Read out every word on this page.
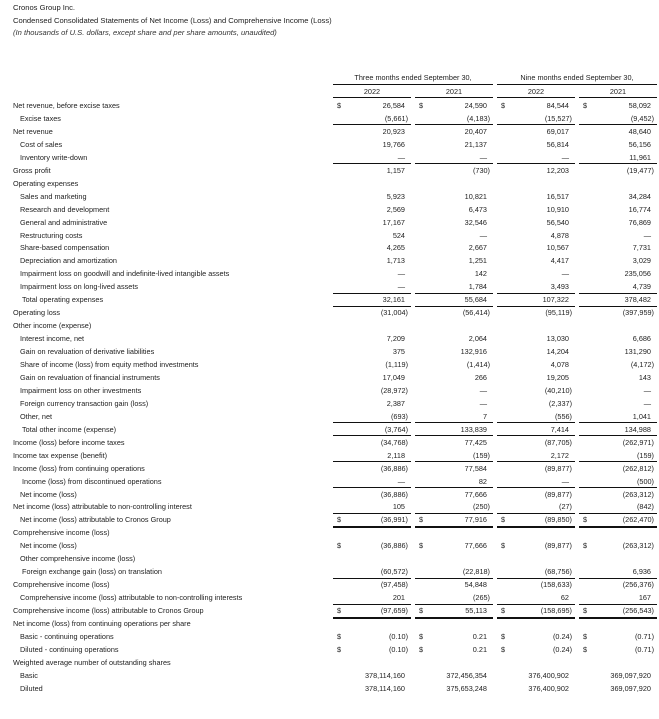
Cronos Group Inc.
Condensed Consolidated Statements of Net Income (Loss) and Comprehensive Income (Loss)
(In thousands of U.S. dollars, except share and per share amounts, unaudited)
Three months ended September 30,	Nine months ended September 30,
2022	2021	2022	2021
Net revenue, before excise taxes	$	26,584 $	24,590 $	84,544 $	58,092
Excise taxes	(5,661)	(4,183)	(15,527)	(9,452)
Net revenue	20,923	20,407	69,017	48,640
Cost of sales	19,766	21,137	56,814	56,156
Inventory write-down	—	—	—	11,961
Gross profit	1,157	(730)	12,203	(19,477)
Operating expenses
Sales and marketing	5,923	10,821	16,517	34,284
Research and development	2,569	6,473	10,910	16,774
General and administrative	17,167	32,546	56,540	76,869
Restructuring costs	524	—	4,878	—
Share-based compensation	4,265	2,667	10,567	7,731
Depreciation and amortization	1,713	1,251	4,417	3,029
Impairment loss on goodwill and indefinite-lived intangible assets	—	142	—	235,056
Impairment loss on long-lived assets	—	1,784	3,493	4,739
Total operating expenses	32,161	55,684	107,322	378,482
Operating loss	(31,004)	(56,414)	(95,119)	(397,959)
Other income (expense)
Interest income, net	7,209	2,064	13,030	6,686
Gain on revaluation of derivative liabilities	375	132,916	14,204	131,290
Share of income (loss) from equity method investments	(1,119)	(1,414)	4,078	(4,172)
Gain on revaluation of financial instruments	17,049	266	19,205	143
Impairment loss on other investments	(28,972)	—	(40,210)	—
Foreign currency transaction gain (loss)	2,387	—	(2,337)	—
Other, net	(693)	7	(556)	1,041
Total other income (expense)	(3,764)	133,839	7,414	134,988
Income (loss) before income taxes	(34,768)	77,425	(87,705)	(262,971)
Income tax expense (benefit)	2,118	(159)	2,172	(159)
Income (loss) from continuing operations	(36,886)	77,584	(89,877)	(262,812)
Income (loss) from discontinued operations	—	82	—	(500)
Net income (loss)	(36,886)	77,666	(89,877)	(263,312)
Net income (loss) attributable to non-controlling interest	105	(250)	(27)	(842)
Net income (loss) attributable to Cronos Group	$	(36,991) $	77,916 $	(89,850) $	(262,470)
Comprehensive income (loss)
Net income (loss)	$	(36,886) $	77,666 $	(89,877) $	(263,312)
Other comprehensive income (loss)
Foreign exchange gain (loss) on translation	(60,572)	(22,818)	(68,756)	6,936
Comprehensive income (loss)	(97,458)	54,848	(158,633)	(256,376)
Comprehensive income (loss) attributable to non-controlling interests	201	(265)	62	167
Comprehensive income (loss) attributable to Cronos Group	$	(97,659) $	55,113 $	(158,695) $	(256,543)
Net income (loss) from continuing operations per share
Basic - continuing operations	$	(0.10) $	0.21 $	(0.24) $	(0.71)
Diluted - continuing operations	$	(0.10) $	0.21 $	(0.24) $	(0.71)
Weighted average number of outstanding shares
Basic	378,114,160	372,456,354	376,400,902	369,097,920
Diluted	378,114,160	375,653,248	376,400,902	369,097,920
